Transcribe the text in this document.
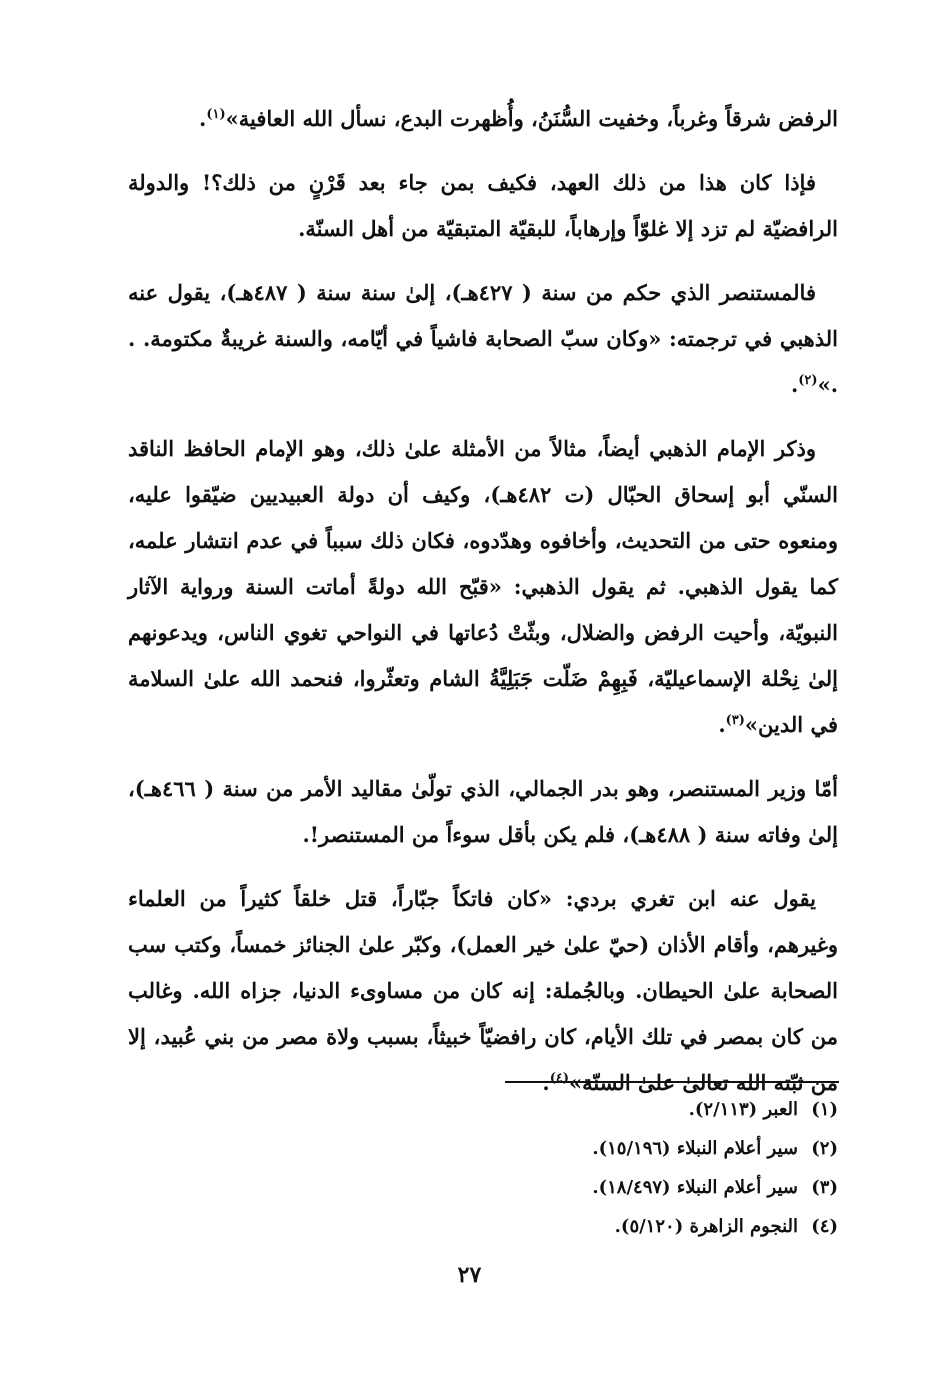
الرفض شرقاً وغرباً، وخفيت السُّنَنُ، وأُظهرت البدع، نسأل الله العافية»$^{(١)}$.

فإذا كان هذا من ذلك العهد، فكيف بمن جاء بعد قَرْنٍ من ذلك؟! والدولة الرافضيّة لم تزد إلا غلوّاً وإرهاباً، للبقيّة المتبقيّة من أهل السنّة.

فالمستنصر الذي حكم من سنة ( ٤٢٧هـ)، إلىٰ سنة سنة ( ٤٨٧هـ)، يقول عنه الذهبي في ترجمته: «وكان سبّ الصحابة فاشياً في أيّامه، والسنة غريبةٌ مكتومة. . .»$^{(٢)}$.

وذكر الإمام الذهبي أيضاً، مثالاً من الأمثلة علىٰ ذلك، وهو الإمام الحافظ الناقد السنّي أبو إسحاق الحبّال (ت ٤٨٢هـ)، وكيف أن دولة العبيديين ضيّقوا عليه، ومنعوه حتى من التحديث، وأخافوه وهدّدوه، فكان ذلك سبباً في عدم انتشار علمه، كما يقول الذهبي. ثم يقول الذهبي: «قبّح الله دولةً أماتت السنة ورواية الآثار النبويّة، وأحيت الرفض والضلال، وبثّتْ دُعاتها في النواحي تغوي الناس، ويدعونهم إلىٰ نِحْلة الإسماعيليّة، فَبِهِمْ ضَلّت جَبَلِيَّةُ الشام وتعثّروا، فنحمد الله علىٰ السلامة في الدين»$^{(٣)}$.

أمّا وزير المستنصر، وهو بدر الجمالي، الذي تولّىٰ مقاليد الأمر من سنة ( ٤٦٦هـ)، إلىٰ وفاته سنة ( ٤٨٨هـ)، فلم يكن بأقل سوءاً من المستنصر!.

يقول عنه ابن تغري بردي: «كان فاتكاً جبّاراً، قتل خلقاً كثيراً من العلماء وغيرهم، وأقام الأذان (حيّ علىٰ خير العمل)، وكبّر علىٰ الجنائز خمساً، وكتب سب الصحابة علىٰ الحيطان. وبالجُملة: إنه كان من مساوىء الدنيا، جزاه الله. وغالب من كان بمصر في تلك الأيام، كان رافضيّاً خبيثاً، بسبب ولاة مصر من بني عُبيد، إلا من ثبّته الله تعالىٰ علىٰ السنّة»$^{(٤)}$.

(١)العبر (٢/١١٣).
(٢)سير أعلام النبلاء (١٥/١٩٦).
(٣)سير أعلام النبلاء (١٨/٤٩٧).
(٤)النجوم الزاهرة (٥/١٢٠).
٢٧
